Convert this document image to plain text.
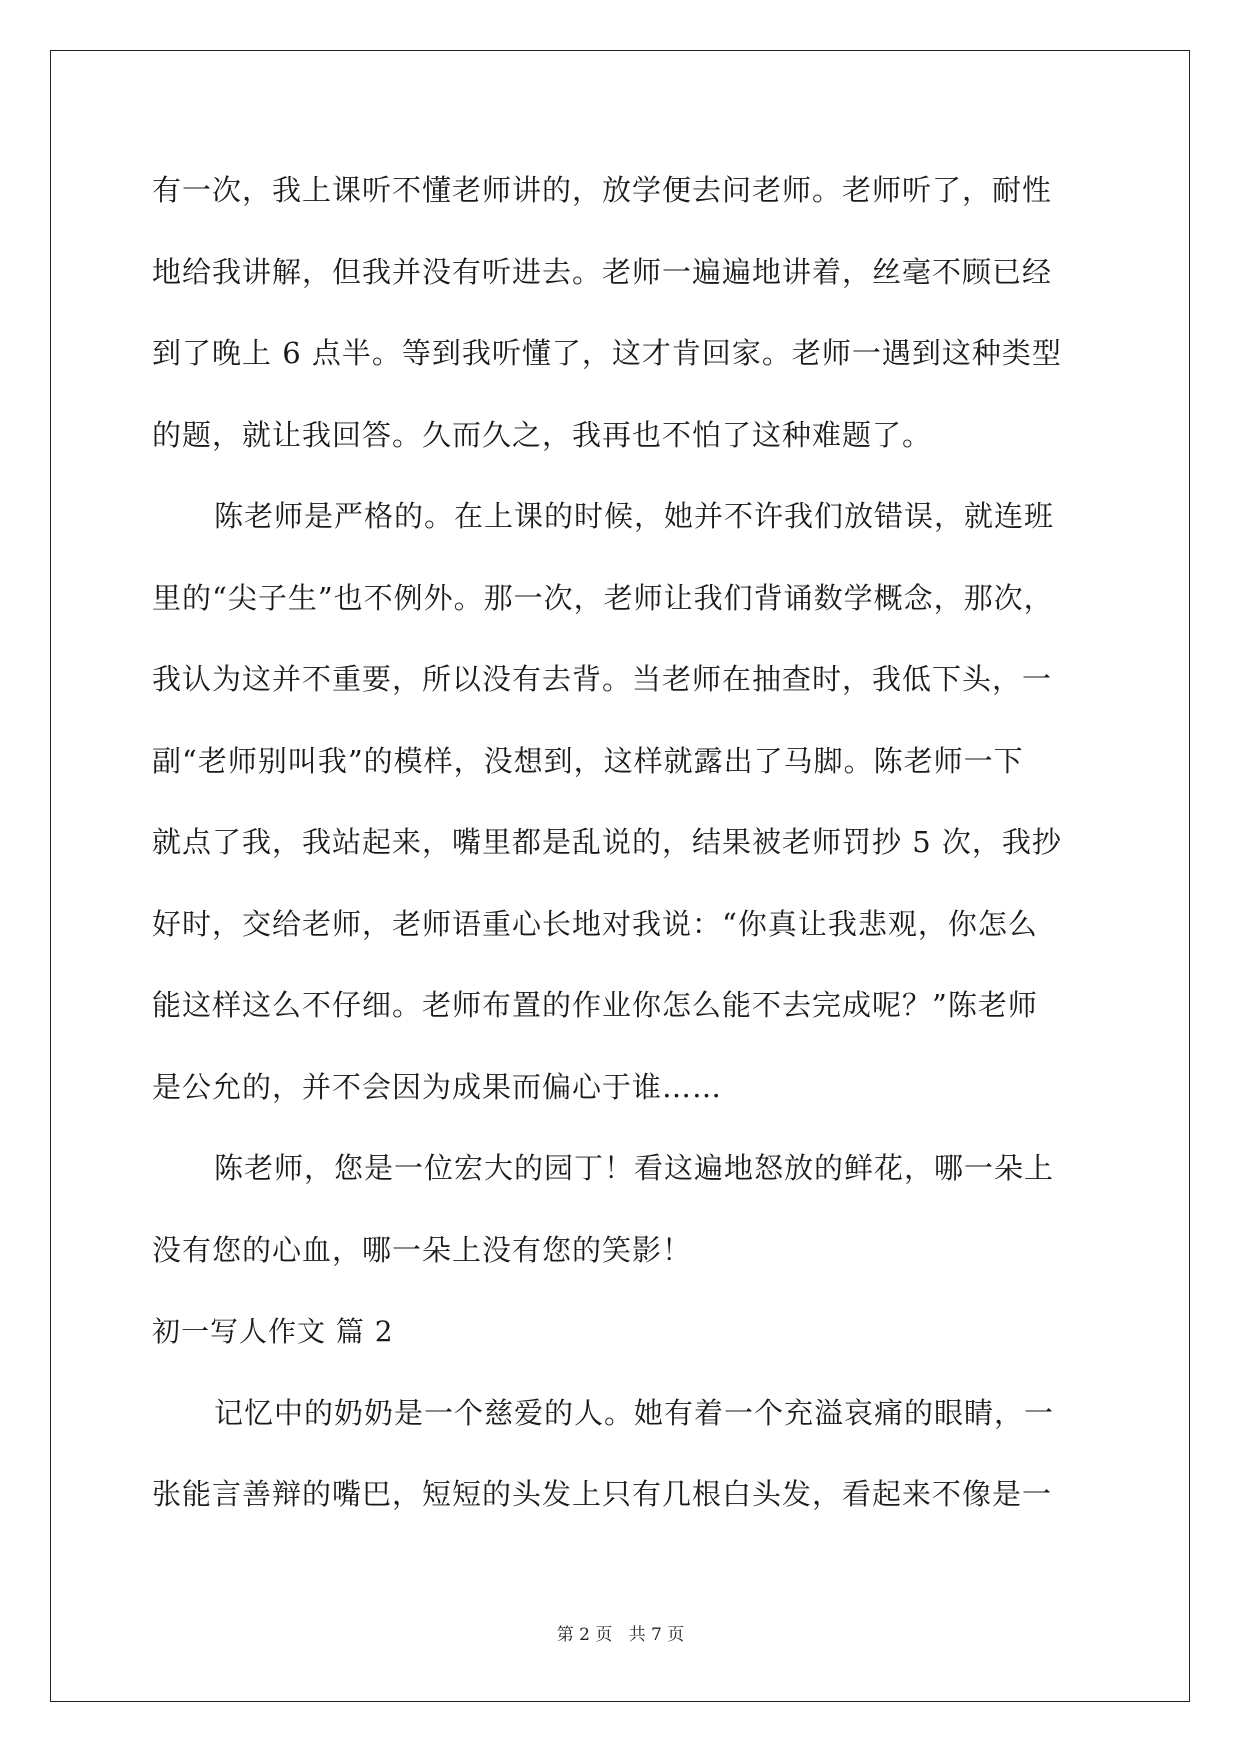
有一次，我上课听不懂老师讲的，放学便去问老师。老师听了，耐性
地给我讲解，但我并没有听进去。老师一遍遍地讲着，丝毫不顾已经
到了晚上 6 点半。等到我听懂了，这才肯回家。老师一遇到这种类型
的题，就让我回答。久而久之，我再也不怕了这种难题了。
陈老师是严格的。在上课的时候，她并不许我们放错误，就连班
里的“尖子生”也不例外。那一次，老师让我们背诵数学概念，那次，
我认为这并不重要，所以没有去背。当老师在抽查时，我低下头，一
副“老师别叫我”的模样，没想到，这样就露出了马脚。陈老师一下
就点了我，我站起来，嘴里都是乱说的，结果被老师罚抄 5 次，我抄
好时，交给老师，老师语重心长地对我说：“你真让我悲观，你怎么
能这样这么不仔细。老师布置的作业你怎么能不去完成呢？”陈老师
是公允的，并不会因为成果而偏心于谁……
陈老师，您是一位宏大的园丁！看这遍地怒放的鲜花，哪一朵上
没有您的心血，哪一朵上没有您的笑影！
初一写人作文 篇 2
记忆中的奶奶是一个慈爱的人。她有着一个充溢哀痛的眼睛，一
张能言善辩的嘴巴，短短的头发上只有几根白头发，看起来不像是一
第 2 页   共 7 页
